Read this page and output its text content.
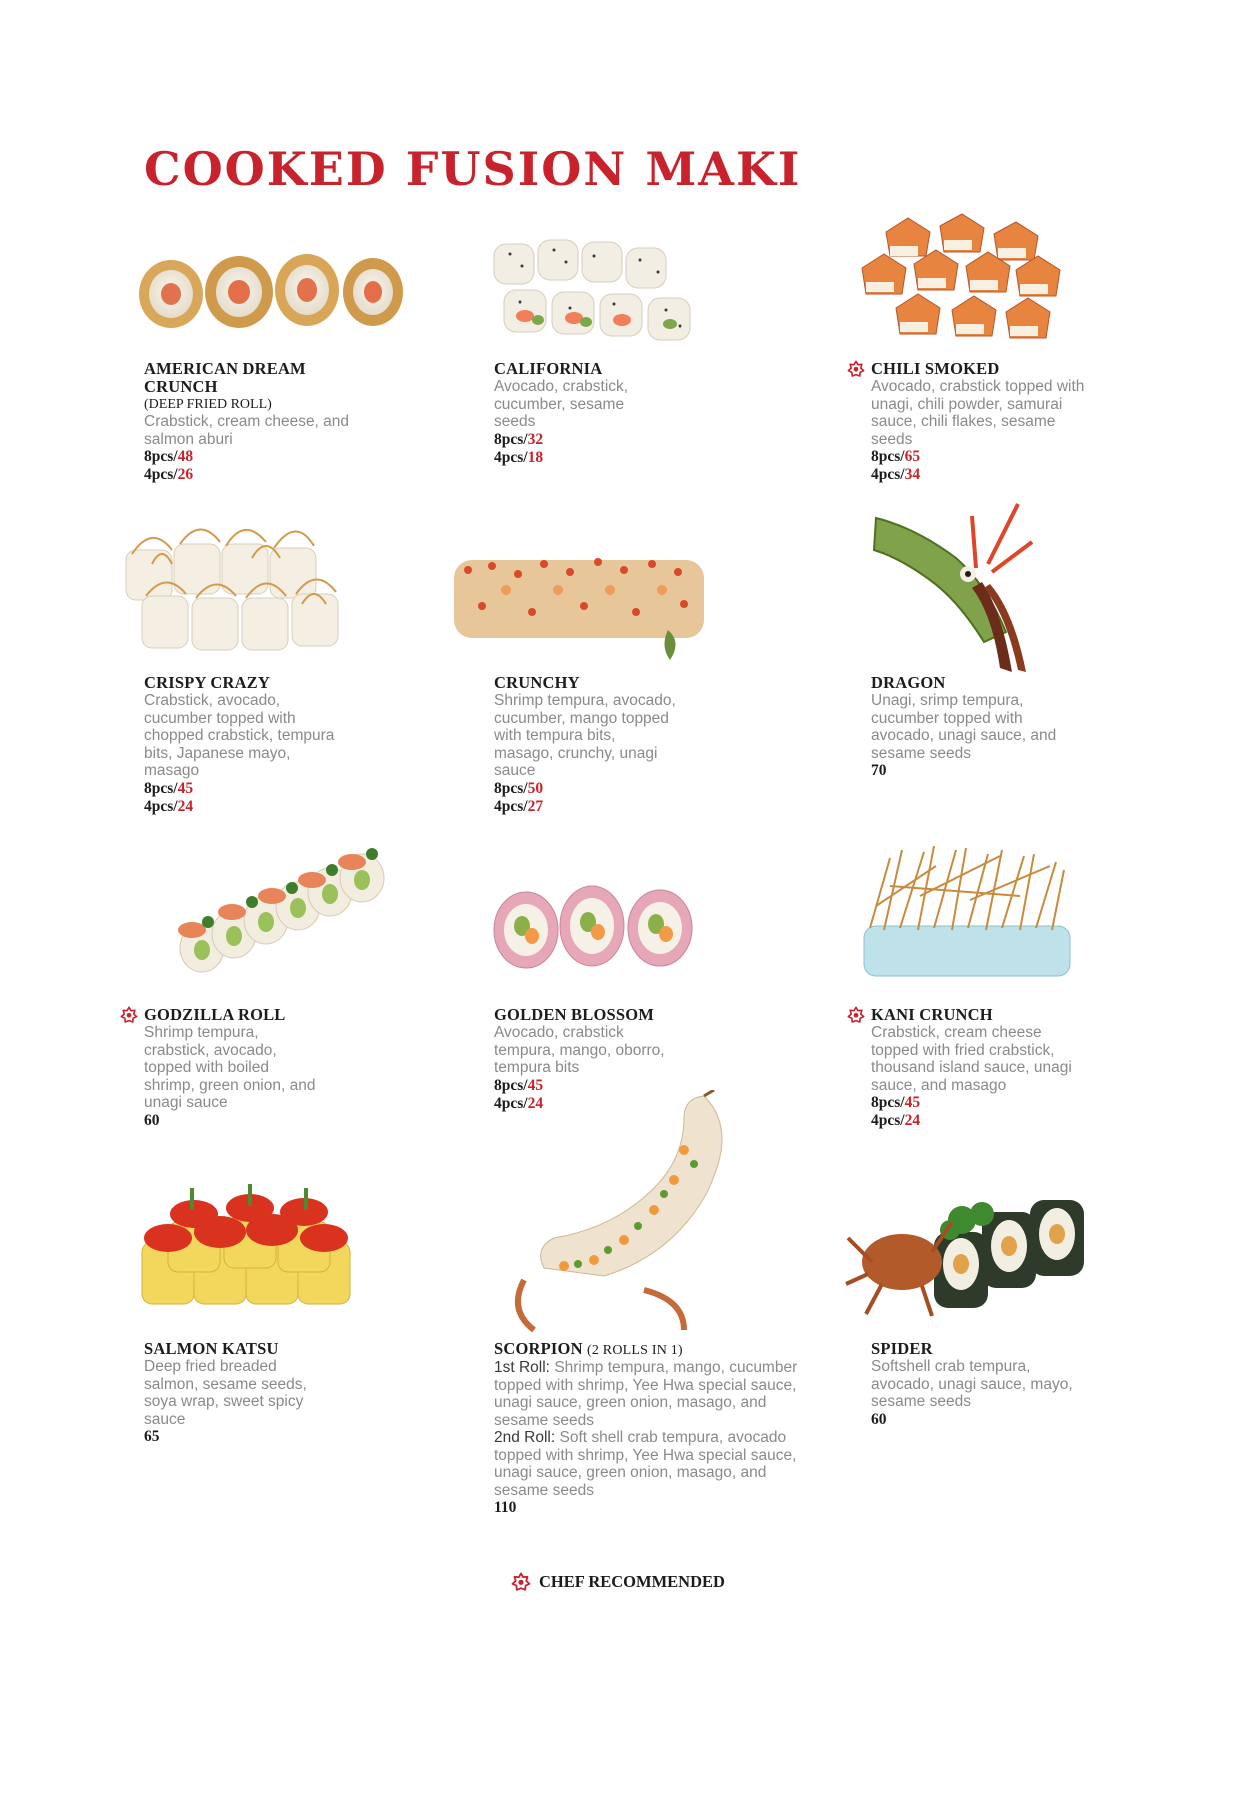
COOKED FUSION MAKI
AMERICAN DREAM CRUNCH
(DEEP FRIED ROLL)
Crabstick, cream cheese, and salmon aburi
8pcs/48
4pcs/26
CALIFORNIA
Avocado, crabstick, cucumber, sesame seeds
8pcs/32
4pcs/18
CHILI SMOKED
Avocado, crabstick topped with unagi, chili powder, samurai sauce, chili flakes, sesame seeds
8pcs/65
4pcs/34
CRISPY CRAZY
Crabstick, avocado, cucumber topped with chopped crabstick, tempura bits, Japanese mayo, masago
8pcs/45
4pcs/24
CRUNCHY
Shrimp tempura, avocado, cucumber, mango topped with tempura bits, masago, crunchy, unagi sauce
8pcs/50
4pcs/27
DRAGON
Unagi, srimp tempura, cucumber topped with avocado, unagi sauce, and sesame seeds
70
GODZILLA ROLL
Shrimp tempura, crabstick, avocado, topped with boiled shrimp, green onion, and unagi sauce
60
GOLDEN BLOSSOM
Avocado, crabstick tempura, mango, oborro, tempura bits
8pcs/45
4pcs/24
KANI CRUNCH
Crabstick, cream cheese topped with fried crabstick, thousand island sauce, unagi sauce, and masago
8pcs/45
4pcs/24
SALMON KATSU
Deep fried breaded salmon, sesame seeds, soya wrap, sweet spicy sauce
65
SCORPION (2 ROLLS IN 1)
1st Roll: Shrimp tempura, mango, cucumber topped with shrimp, Yee Hwa special sauce, unagi sauce, green onion, masago, and sesame seeds
2nd Roll: Soft shell crab tempura, avocado topped with shrimp, Yee Hwa special sauce, unagi sauce, green onion, masago, and sesame seeds
110
SPIDER
Softshell crab tempura, avocado, unagi sauce, mayo, sesame seeds
60
CHEF RECOMMENDED
